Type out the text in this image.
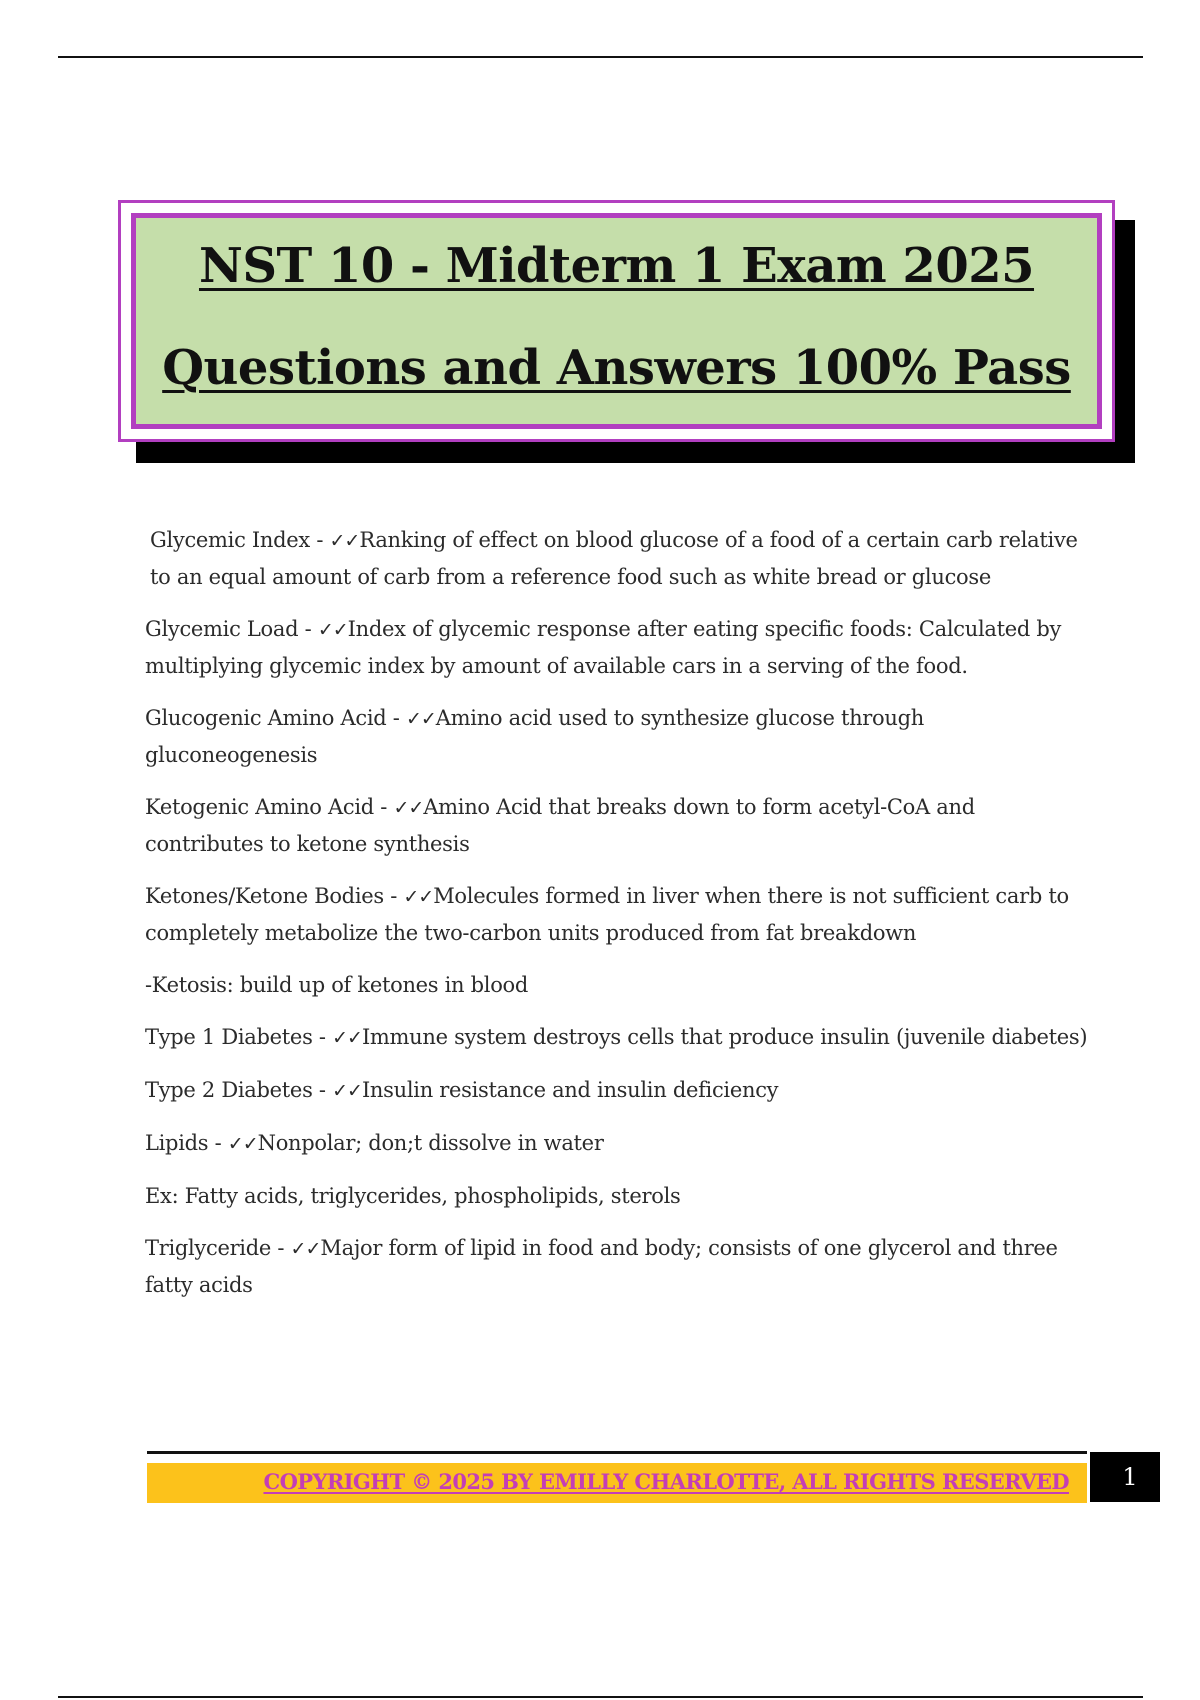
NST 10 - Midterm 1 Exam 2025
Questions and Answers 100% Pass

Glycemic Index - ✓✓Ranking of effect on blood glucose of a food of a certain carb relative to an equal amount of carb from a reference food such as white bread or glucose

Glycemic Load - ✓✓Index of glycemic response after eating specific foods: Calculated by multiplying glycemic index by amount of available cars in a serving of the food.

Glucogenic Amino Acid - ✓✓Amino acid used to synthesize glucose through gluconeogenesis

Ketogenic Amino Acid - ✓✓Amino Acid that breaks down to form acetyl-CoA and contributes to ketone synthesis

Ketones/Ketone Bodies - ✓✓Molecules formed in liver when there is not sufficient carb to completely metabolize the two-carbon units produced from fat breakdown

-Ketosis: build up of ketones in blood

Type 1 Diabetes - ✓✓Immune system destroys cells that produce insulin (juvenile diabetes)

Type 2 Diabetes - ✓✓Insulin resistance and insulin deficiency

Lipids - ✓✓Nonpolar; don;t dissolve in water

Ex: Fatty acids, triglycerides, phospholipids, sterols

Triglyceride - ✓✓Major form of lipid in food and body; consists of one glycerol and three fatty acids

COPYRIGHT © 2025 BY EMILLY CHARLOTTE, ALL RIGHTS RESERVED	1
